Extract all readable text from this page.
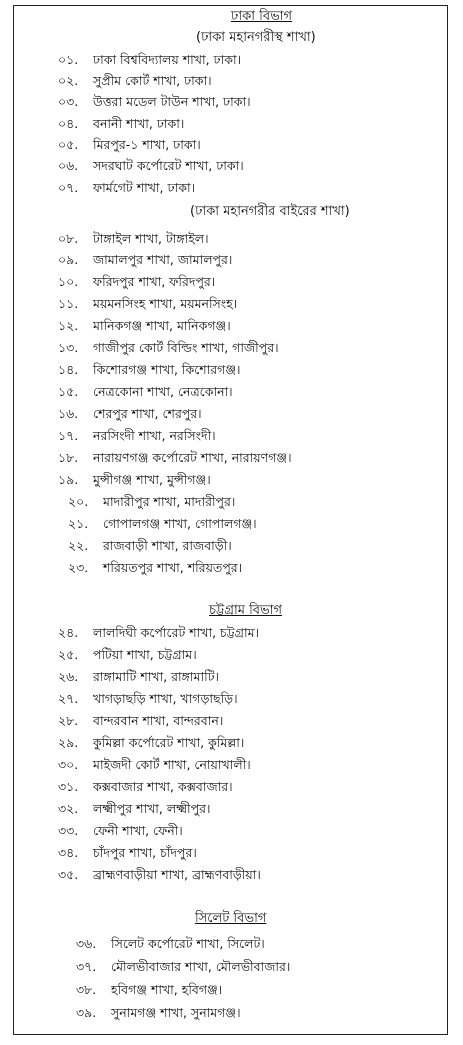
ঢাকা বিভাগ
(ঢাকা মহানগরীস্থ শাখা)
০১. ঢাকা বিশ্ববিদ্যালয় শাখা, ঢাকা।
০২. সুপ্রীম কোর্ট শাখা, ঢাকা।
০৩. উত্তরা মডেল টাউন শাখা, ঢাকা।
০৪. বনানী শাখা, ঢাকা।
০৫. মিরপুর-১ শাখা, ঢাকা।
০৬. সদরঘাট কর্পোরেট শাখা, ঢাকা।
০৭. ফার্মগেট শাখা, ঢাকা।
(ঢাকা মহানগরীর বাইরের শাখা)
০৮. টাঙ্গাইল শাখা, টাঙ্গাইল।
০৯. জামালপুর শাখা, জামালপুর।
১০. ফরিদপুর শাখা, ফরিদপুর।
১১. ময়মনসিংহ শাখা, ময়মনসিংহ।
১২. মানিকগঞ্জ শাখা, মানিকগঞ্জ।
১৩. গাজীপুর কোর্ট বিল্ডিং শাখা, গাজীপুর।
১৪. কিশোরগঞ্জ শাখা, কিশোরগঞ্জ।
১৫. নেত্রকোনা শাখা, নেত্রকোনা।
১৬. শেরপুর শাখা, শেরপুর।
১৭. নরসিংদী শাখা, নরসিংদী।
১৮. নারায়ণগঞ্জ কর্পোরেট শাখা, নারায়ণগঞ্জ।
১৯. মুন্সীগঞ্জ শাখা, মুন্সীগঞ্জ।
২০. মাদারীপুর শাখা, মাদারীপুর।
২১. গোপালগঞ্জ শাখা, গোপালগঞ্জ।
২২. রাজবাড়ী শাখা, রাজবাড়ী।
২৩. শরিয়তপুর শাখা, শরিয়তপুর।
চট্টগ্রাম বিভাগ
২৪. লালদিঘী কর্পোরেট শাখা, চট্টগ্রাম।
২৫. পটিয়া শাখা, চট্টগ্রাম।
২৬. রাঙ্গামাটি শাখা, রাঙ্গামাটি।
২৭. খাগড়াছড়ি শাখা, খাগড়াছড়ি।
২৮. বান্দরবান শাখা, বান্দরবান।
২৯. কুমিল্লা কর্পোরেট শাখা, কুমিল্লা।
৩০. মাইজদী কোর্ট শাখা, নোয়াখালী।
৩১. কক্সবাজার শাখা, কক্সবাজার।
৩২. লক্ষ্মীপুর শাখা, লক্ষ্মীপুর।
৩৩. ফেনী শাখা, ফেনী।
৩৪. চাঁদপুর শাখা, চাঁদপুর।
৩৫. ব্রাহ্মণবাড়ীয়া শাখা, ব্রাহ্মণবাড়ীয়া।
সিলেট বিভাগ
৩৬. সিলেট কর্পোরেট শাখা, সিলেট।
৩৭. মৌলভীবাজার শাখা, মৌলভীবাজার।
৩৮. হবিগঞ্জ শাখা, হবিগঞ্জ।
৩৯. সুনামগঞ্জ শাখা, সুনামগঞ্জ।
